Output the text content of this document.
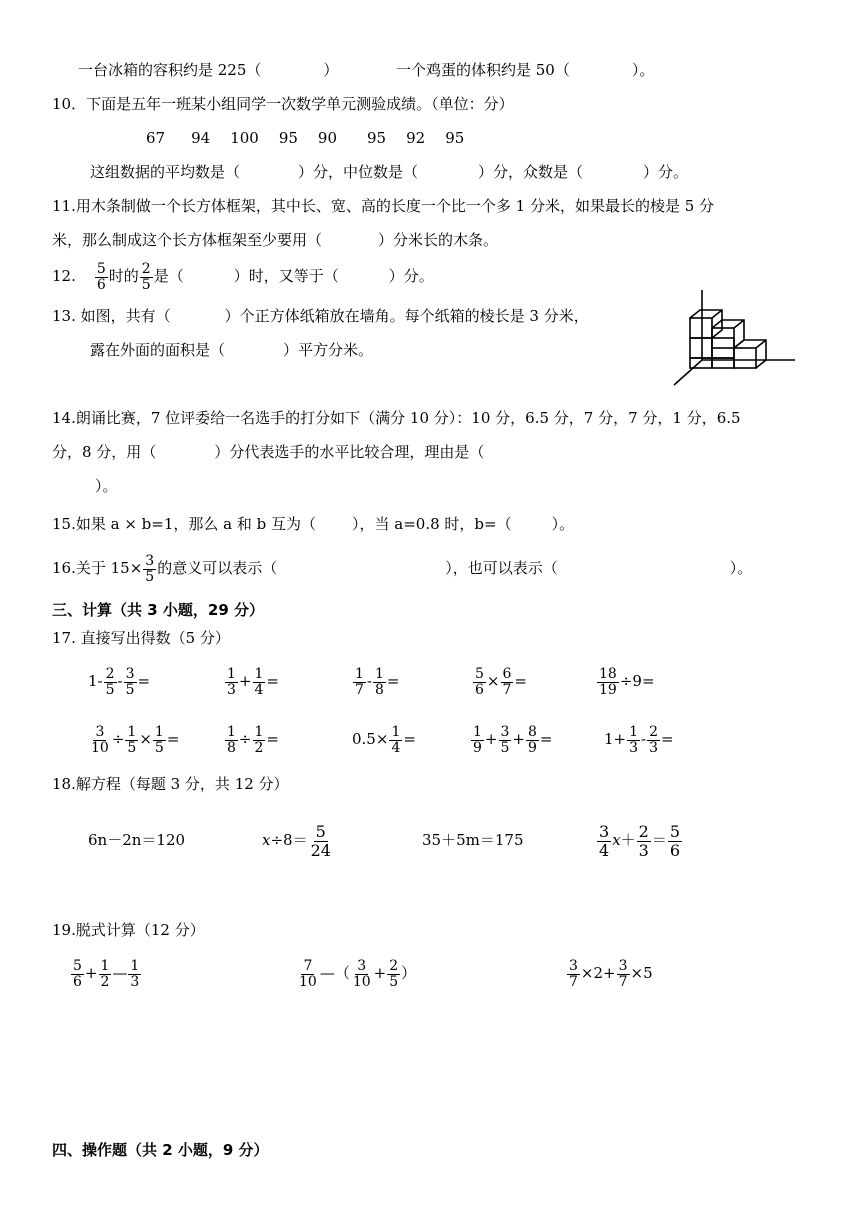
一台冰箱的容积约是 225（	）	一个鸡蛋的体积约是 50（	）。
10．下面是五年一班某小组同学一次数学单元测验成绩。（单位：分）
67 94 100 95 90 95 92 95
这组数据的平均数是（	）分，中位数是（	）分，众数是（	）分。
11.用木条制做一个长方体框架，其中长、宽、高的长度一个比一个多 1 分米，如果最长的棱是 5 分
米，那么制成这个长方体框架至少要用（	）分米长的木条。
12. $\frac{5}{6}$ 时的 $\frac{2}{5}$ 是（	）时，又等于（	）分。
13. 如图，共有（	）个正方体纸箱放在墙角。每个纸箱的棱长是 3 分米，
露在外面的面积是（	）平方分米。
14.朗诵比赛，7 位评委给一名选手的打分如下（满分 10 分）：10 分，6.5 分，7 分，7 分，1 分，6.5
分，8 分，用（	）分代表选手的水平比较合理，理由是（
）。
15.如果 a × b=1，那么 a 和 b 互为（ ），当 a=0.8 时，b=（	）。
16.关于 $15\times \frac{3}{5}$ 的意义可以表示（	），也可以表示（	）。
三、计算（共 3 小题，29 分）
17. 直接写出得数（5 分）
$1- \frac{2}{5} - \frac{3}{5}$ =	$\frac{1}{3} + \frac{1}{4}$ =	$\frac{1}{7} - \frac{1}{8}$ =	$\frac{5}{6} \times \frac{6}{7}$ =	$\frac{18}{19} \div 9=$
$\frac{3}{10} \div \frac{1}{5} \times \frac{1}{5}$ =	$\frac{1}{8} \div \frac{1}{2}$ =	$0.5\times \frac{1}{4}$ =	$\frac{1}{9} + \frac{3}{5} + \frac{8}{9}$ =	$1+ \frac{1}{3} - \frac{2}{3}$ =
18.解方程（每题 3 分，共 12 分）
6n－2n＝120	$x\div 8= \frac{5}{24}$	35＋5m＝175	$\frac{3}{4} x+ \frac{2}{3} = \frac{5}{6}$
19.脱式计算（12 分）
$\frac{5}{6} + \frac{1}{2}$ — $\frac{1}{3}$	$\frac{7}{10}$ —（ $\frac{3}{10} + \frac{2}{5}$ ）	$\frac{3}{7} \times 2+ \frac{3}{7} \times 5$
四、操作题（共 2 小题，9 分）
